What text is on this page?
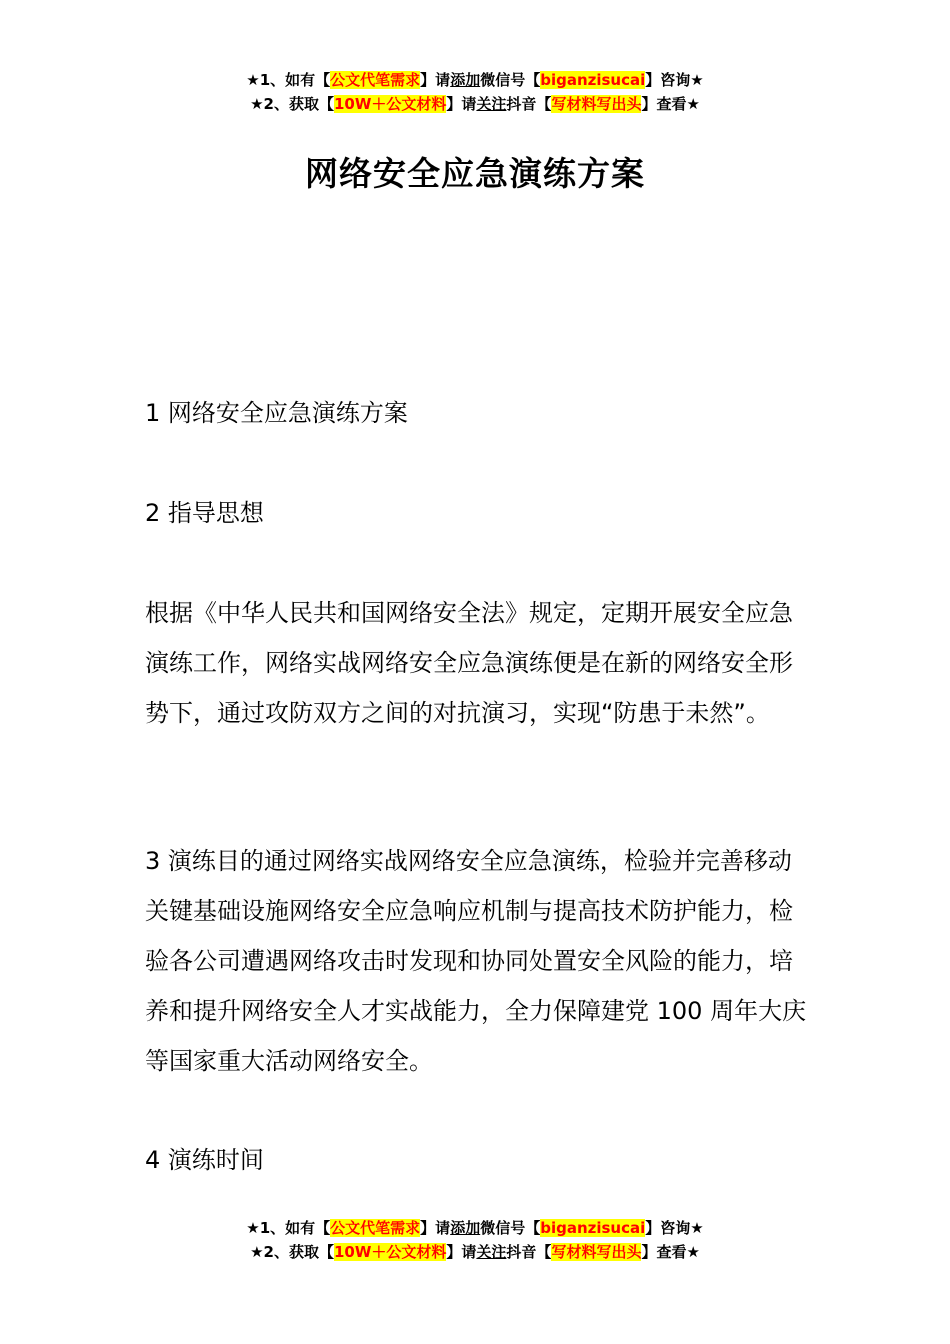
★1、如有【公文代笔需求】请添加微信号【biganzisucai】咨询★
★2、获取【10W＋公文材料】请关注抖音【写材料写出头】查看★
网络安全应急演练方案

1 网络安全应急演练方案

2 指导思想

根据《中华人民共和国网络安全法》规定，定期开展安全应急演练工作，网络实战网络安全应急演练便是在新的网络安全形势下，通过攻防双方之间的对抗演习，实现“防患于未然”。

3 演练目的通过网络实战网络安全应急演练，检验并完善移动关键基础设施网络安全应急响应机制与提高技术防护能力，检验各公司遭遇网络攻击时发现和协同处置安全风险的能力，培养和提升网络安全人才实战能力，全力保障建党 100 周年大庆等国家重大活动网络安全。

4 演练时间

★1、如有【公文代笔需求】请添加微信号【biganzisucai】咨询★
★2、获取【10W＋公文材料】请关注抖音【写材料写出头】查看★
